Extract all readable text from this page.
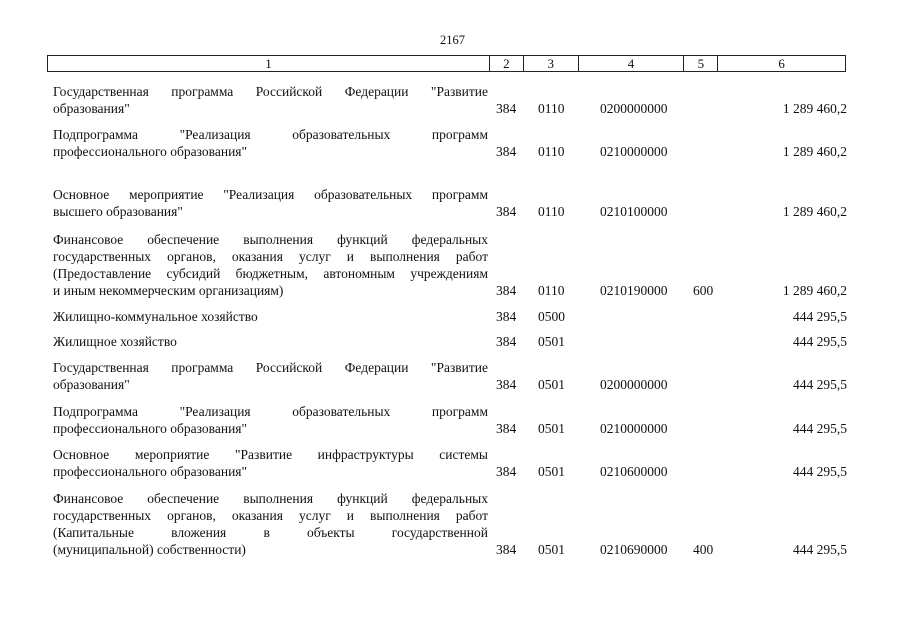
2167
1	2	3	4	5	6
Государственная программа Российской Федерации "Развитие
образования"	384 0110	0200000000	1 289 460,2
Подпрограмма "Реализация образовательных программ
профессионального образования"	384 0110	0210000000	1 289 460,2
Основное мероприятие "Реализация образовательных программ
высшего образования"	384 0110	0210100000	1 289 460,2
Финансовое обеспечение выполнения функций федеральных
государственных органов, оказания услуг и выполнения работ
(Предоставление субсидий бюджетным, автономным учреждениям
и иным некоммерческим организациям)	384 0110	0210190000 600	1 289 460,2
Жилищно-коммунальное хозяйство	384 0500	444 295,5
Жилищное хозяйство	384 0501	444 295,5
Государственная программа Российской Федерации "Развитие
образования"	384 0501	0200000000	444 295,5
Подпрограмма "Реализация образовательных программ
профессионального образования"	384 0501	0210000000	444 295,5
Основное мероприятие "Развитие инфраструктуры системы
профессионального образования"	384 0501	0210600000	444 295,5
Финансовое обеспечение выполнения функций федеральных
государственных органов, оказания услуг и выполнения работ
(Капитальные вложения в объекты государственной
(муниципальной) собственности)	384 0501	0210690000 400	444 295,5
